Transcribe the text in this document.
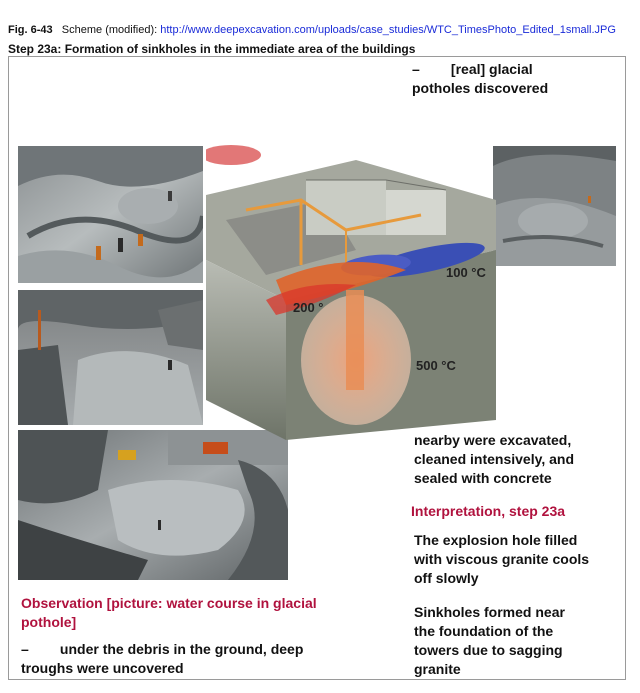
Fig. 6-43 Scheme (modified): http://www.deepexcavation.com/uploads/case_studies/WTC_TimesPhoto_Edited_1small.JPG
Step 23a: Formation of sinkholes in the immediate area of the buildings
– [real] glacial
potholes discovered
100 °C
200 °
500 °C
nearby were excavated,
cleaned intensively, and
sealed with concrete
Interpretation, step 23a
The explosion hole filled
with viscous granite cools
off slowly
Sinkholes formed near
the foundation of the
towers due to sagging
granite
Observation [picture: water course in glacial
pothole]
– under the debris in the ground, deep
troughs were uncovered
